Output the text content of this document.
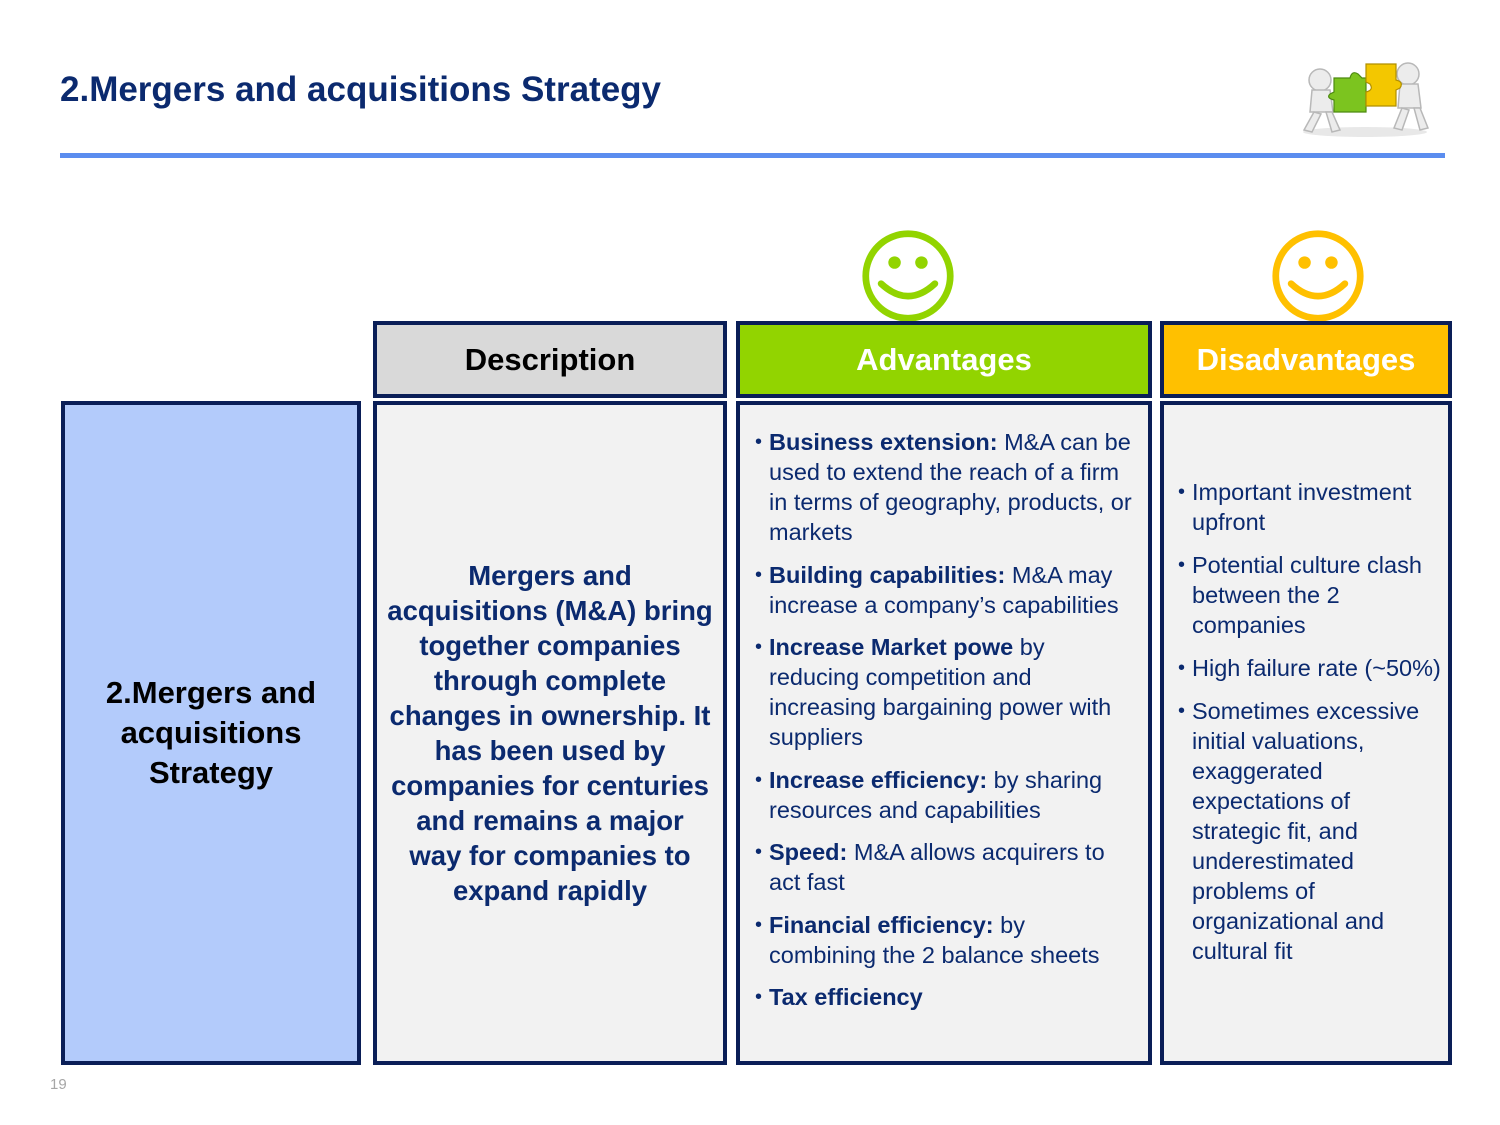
2.Mergers and acquisitions Strategy
Description	Advantages	Disadvantages
2.Mergers and acquisitions Strategy
Mergers and acquisitions (M&A) bring together companies through complete changes in ownership. It has been used by companies for centuries and remains a major way for companies to expand rapidly
• Business extension: M&A can be used to extend the reach of a firm in terms of geography, products, or markets
• Building capabilities: M&A may increase a company’s capabilities
• Increase Market powe by reducing competition and increasing bargaining power with suppliers
• Increase efficiency: by sharing resources and capabilities
• Speed: M&A allows acquirers to act fast
• Financial efficiency: by combining the 2 balance sheets
• Tax efficiency
• Important investment upfront
• Potential culture clash between the 2 companies
• High failure rate (~50%)
• Sometimes excessive initial valuations, exaggerated expectations of strategic fit, and underestimated problems of organizational and cultural fit
19
